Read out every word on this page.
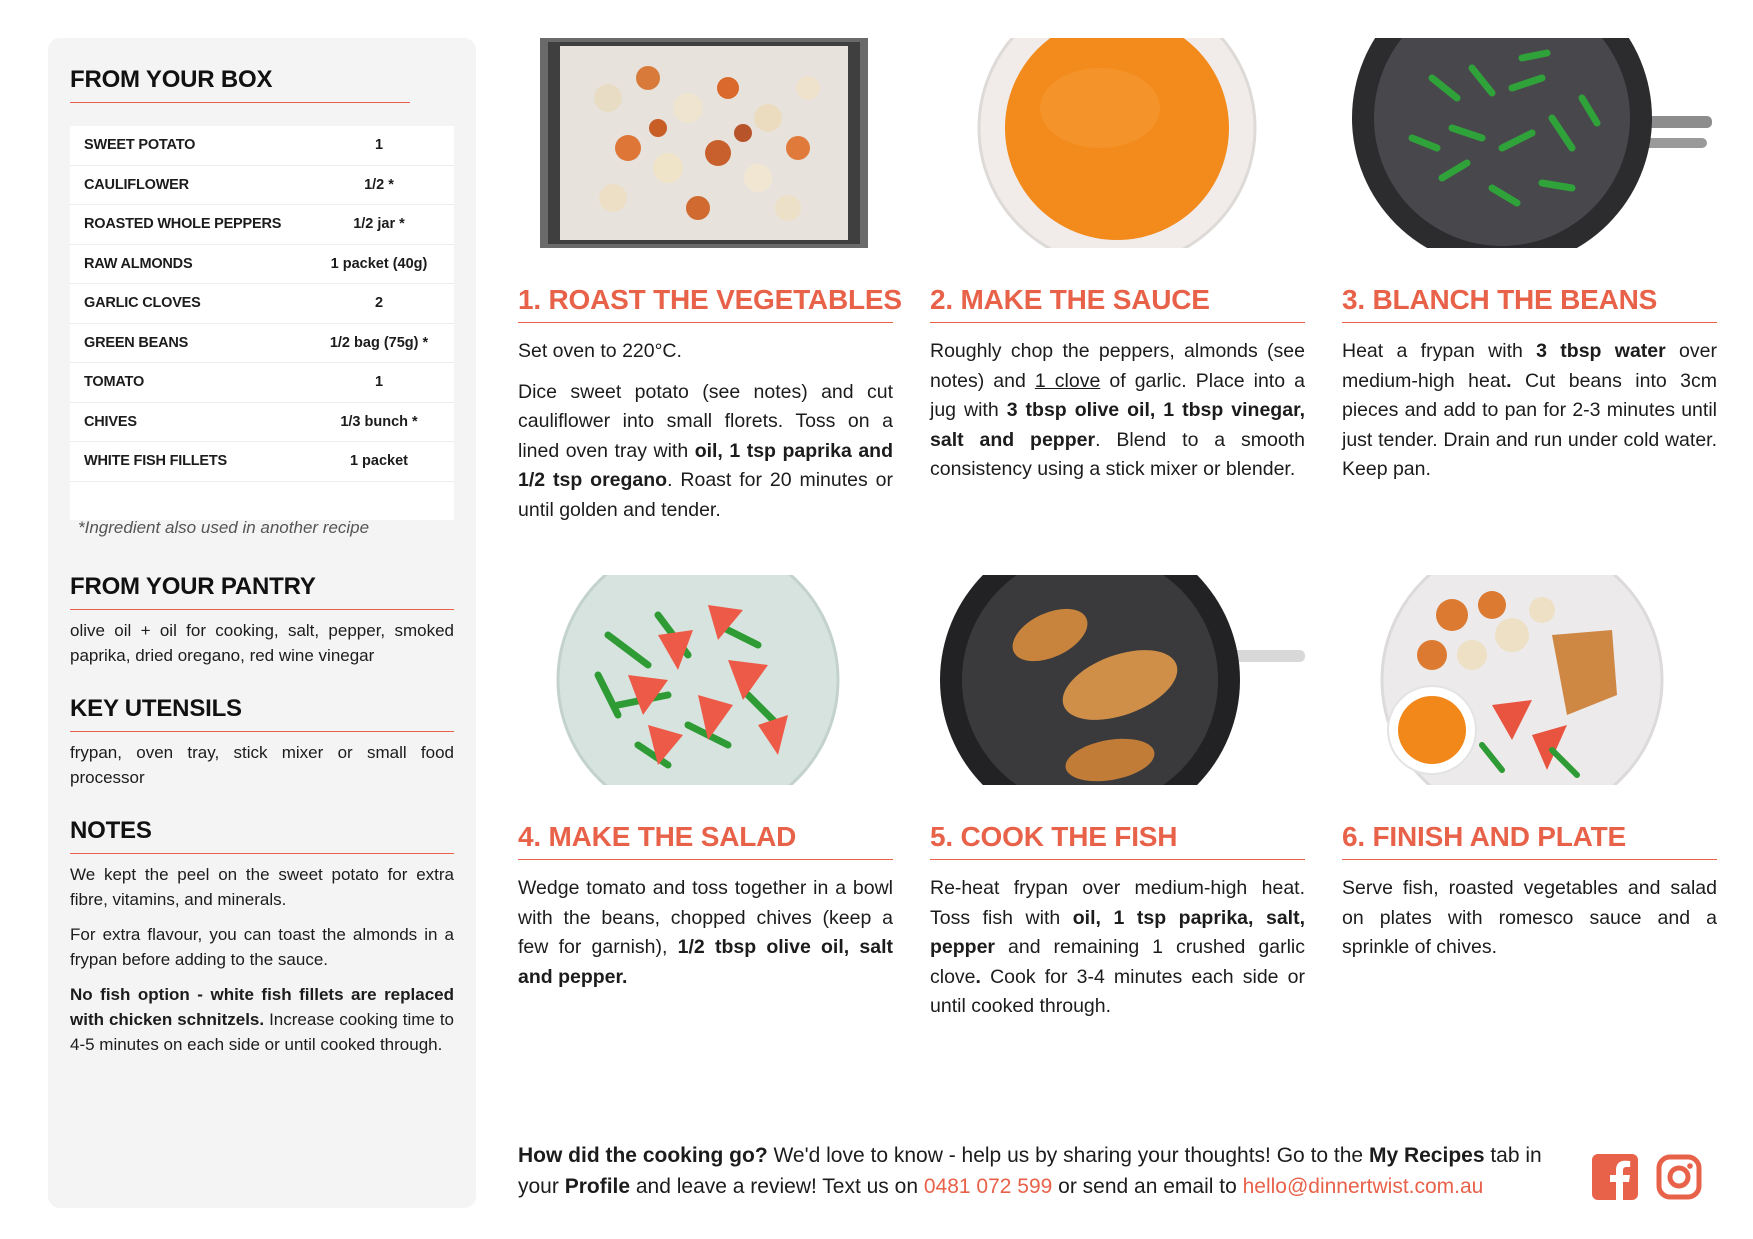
FROM YOUR BOX
SWEET POTATO	1
CAULIFLOWER	1/2 *
ROASTED WHOLE PEPPERS	1/2 jar *
RAW ALMONDS	1 packet (40g)
GARLIC CLOVES	2
GREEN BEANS	1/2 bag (75g) *
TOMATO	1
CHIVES	1/3 bunch *
WHITE FISH FILLETS	1 packet
*Ingredient also used in another recipe
FROM YOUR PANTRY
olive oil + oil for cooking, salt, pepper, smoked paprika, dried oregano, red wine vinegar
KEY UTENSILS
frypan, oven tray, stick mixer or small food processor
NOTES

We kept the peel on the sweet potato for extra fibre, vitamins, and minerals.

For extra flavour, you can toast the almonds in a frypan before adding to the sauce.

No fish option - white fish fillets are replaced with chicken schnitzels. Increase cooking time to 4-5 minutes on each side or until cooked through.

1. ROAST THE VEGETABLES

Set oven to 220°C.

Dice sweet potato (see notes) and cut cauliflower into small florets. Toss on a lined oven tray with oil, 1 tsp paprika and 1/2 tsp oregano. Roast for 20 minutes or until golden and tender.

2. MAKE THE SAUCE

Roughly chop the peppers, almonds (see notes) and 1 clove of garlic. Place into a jug with 3 tbsp olive oil, 1 tbsp vinegar, salt and pepper. Blend to a smooth consistency using a stick mixer or blender.

3. BLANCH THE BEANS

Heat a frypan with 3 tbsp water over medium-high heat. Cut beans into 3cm pieces and add to pan for 2-3 minutes until just tender. Drain and run under cold water. Keep pan.

4. MAKE THE SALAD

Wedge tomato and toss together in a bowl with the beans, chopped chives (keep a few for garnish), 1/2 tbsp olive oil, salt and pepper.

5. COOK THE FISH

Re-heat frypan over medium-high heat. Toss fish with oil, 1 tsp paprika, salt, pepper and remaining 1 crushed garlic clove. Cook for 3-4 minutes each side or until cooked through.

6. FINISH AND PLATE

Serve fish, roasted vegetables and salad on plates with romesco sauce and a sprinkle of chives.

How did the cooking go? We'd love to know - help us by sharing your thoughts! Go to the My Recipes tab in your Profile and leave a review! Text us on 0481 072 599 or send an email to hello@dinnertwist.com.au
